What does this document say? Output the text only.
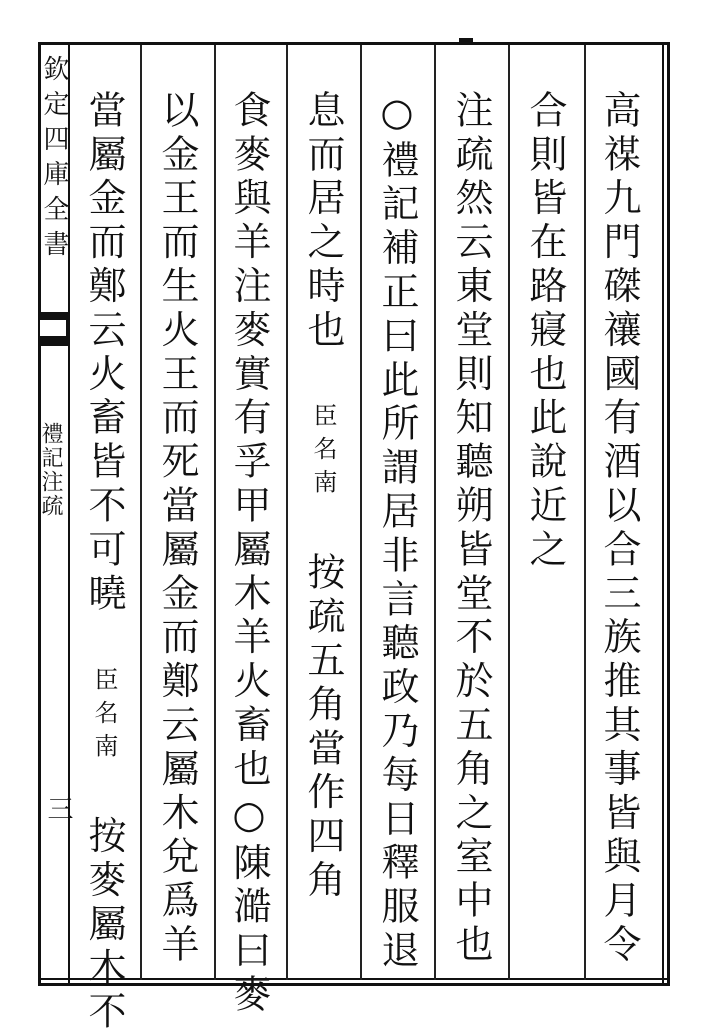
欽定四庫全書
禮記注疏
三	高禖九門磔禳國有酒以合三族推其事皆與月令
合則皆在路寢也此說近之
注疏然云東堂則知聽朔皆堂不於五角之室中也
○禮記補正曰此所謂居非言聽政乃每日釋服退
息而居之時也 臣名南 按疏五角當作四角
食麥與羊注麥實有孚甲屬木羊火畜也○陳澔曰麥
以金王而生火王而死當屬金而鄭云屬木兌爲羊
當屬金而鄭云火畜皆不可曉 臣名南 按麥屬木不
